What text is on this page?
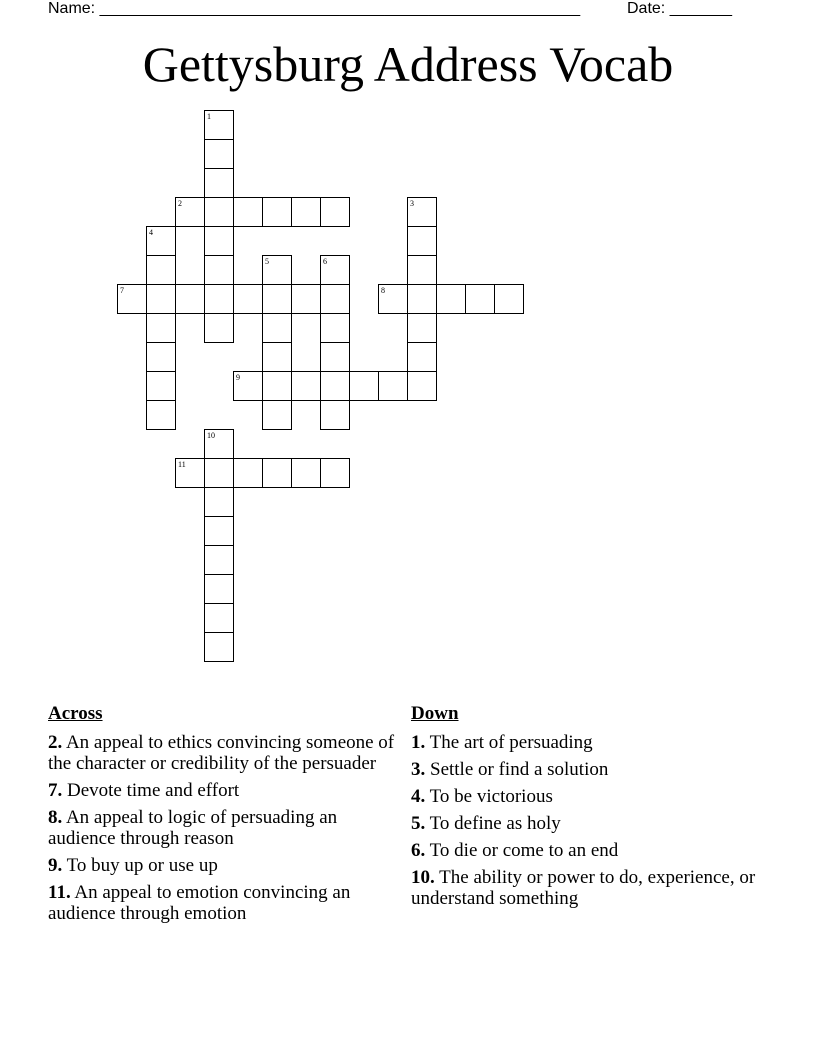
Name: ______________________________________________________	Date: _______
Gettysburg Address Vocab
1
2	3
4
5	6
7	8
9
10
11
Across
2. An appeal to ethics convincing someone of the character or credibility of the persuader
7. Devote time and effort
8. An appeal to logic of persuading an audience through reason
9. To buy up or use up
11. An appeal to emotion convincing an audience through emotion
Down
1. The art of persuading
3. Settle or find a solution
4. To be victorious
5. To define as holy
6. To die or come to an end
10. The ability or power to do, experience, or understand something
